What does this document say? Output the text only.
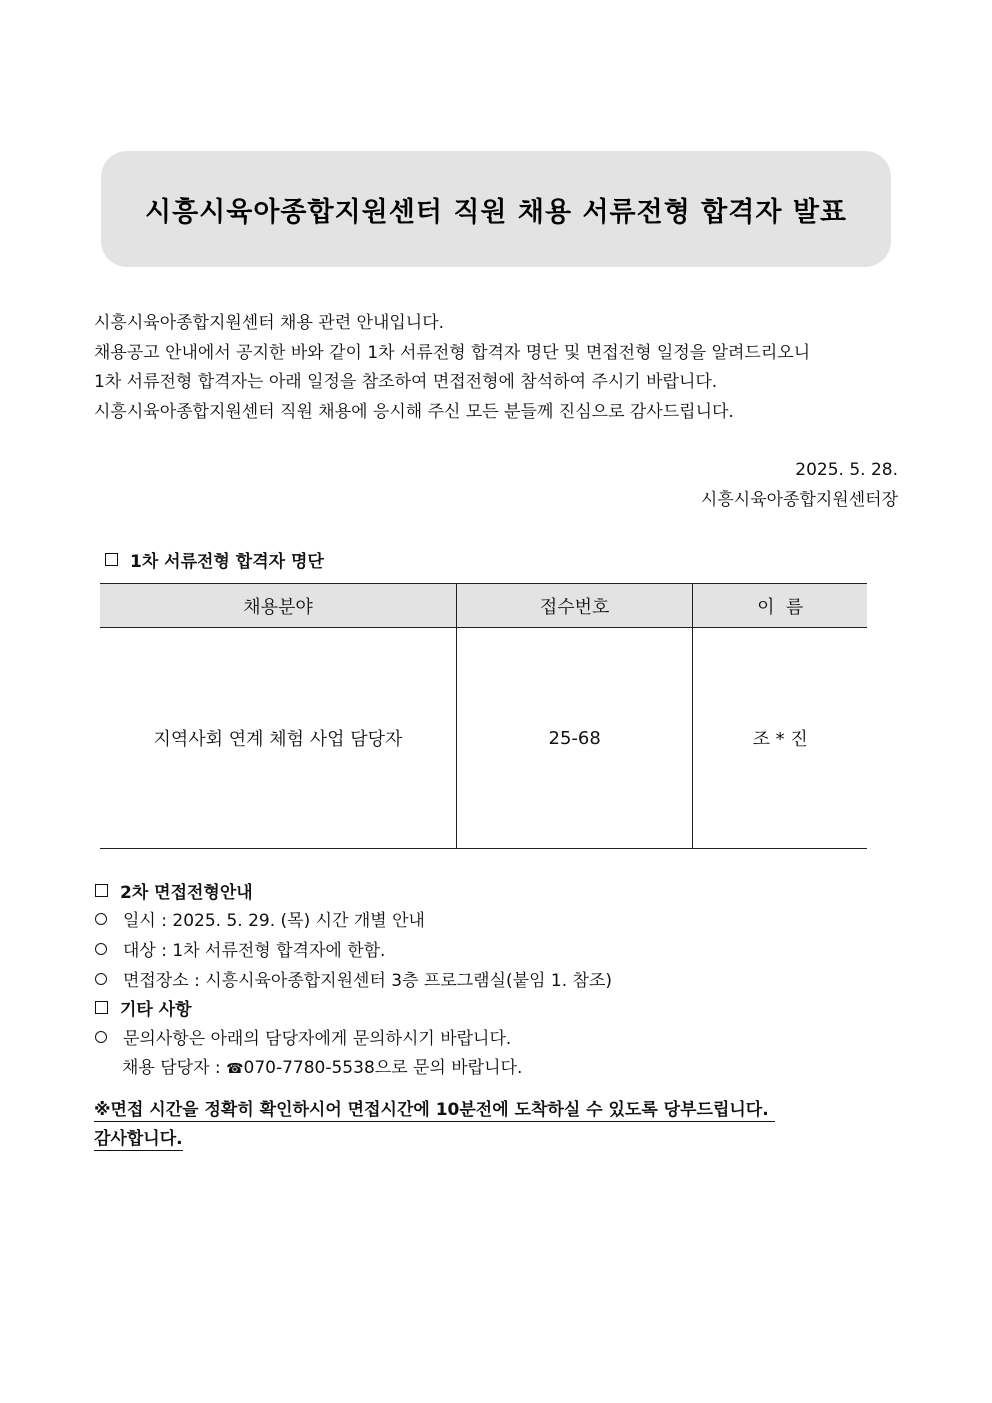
시흥시육아종합지원센터 직원 채용 서류전형 합격자 발표

시흥시육아종합지원센터 채용 관련 안내입니다.

채용공고 안내에서 공지한 바와 같이 1차 서류전형 합격자 명단 및 면접전형 일정을 알려드리오니

1차 서류전형 합격자는 아래 일정을 참조하여 면접전형에 참석하여 주시기 바랍니다.

시흥시육아종합지원센터 직원 채용에 응시해 주신 모든 분들께 진심으로 감사드립니다.

2025. 5. 28.
시흥시육아종합지원센터장
1차 서류전형 합격자 명단
채용분야	접수번호	이  름
지역사회 연계 체험 사업 담당자	25-68	조 * 진
2차 면접전형안내
일시 : 2025. 5. 29. (목) 시간 개별 안내
대상 : 1차 서류전형 합격자에 한함.
면접장소 : 시흥시육아종합지원센터 3층 프로그램실(붙임 1. 참조)
기타 사항
문의사항은 아래의 담당자에게 문의하시기 바랍니다.
채용 담당자 : ☎070-7780-5538으로 문의 바랍니다.
※면접 시간을 정확히 확인하시어 면접시간에 10분전에 도착하실 수 있도록 당부드립니다.
감사합니다.
